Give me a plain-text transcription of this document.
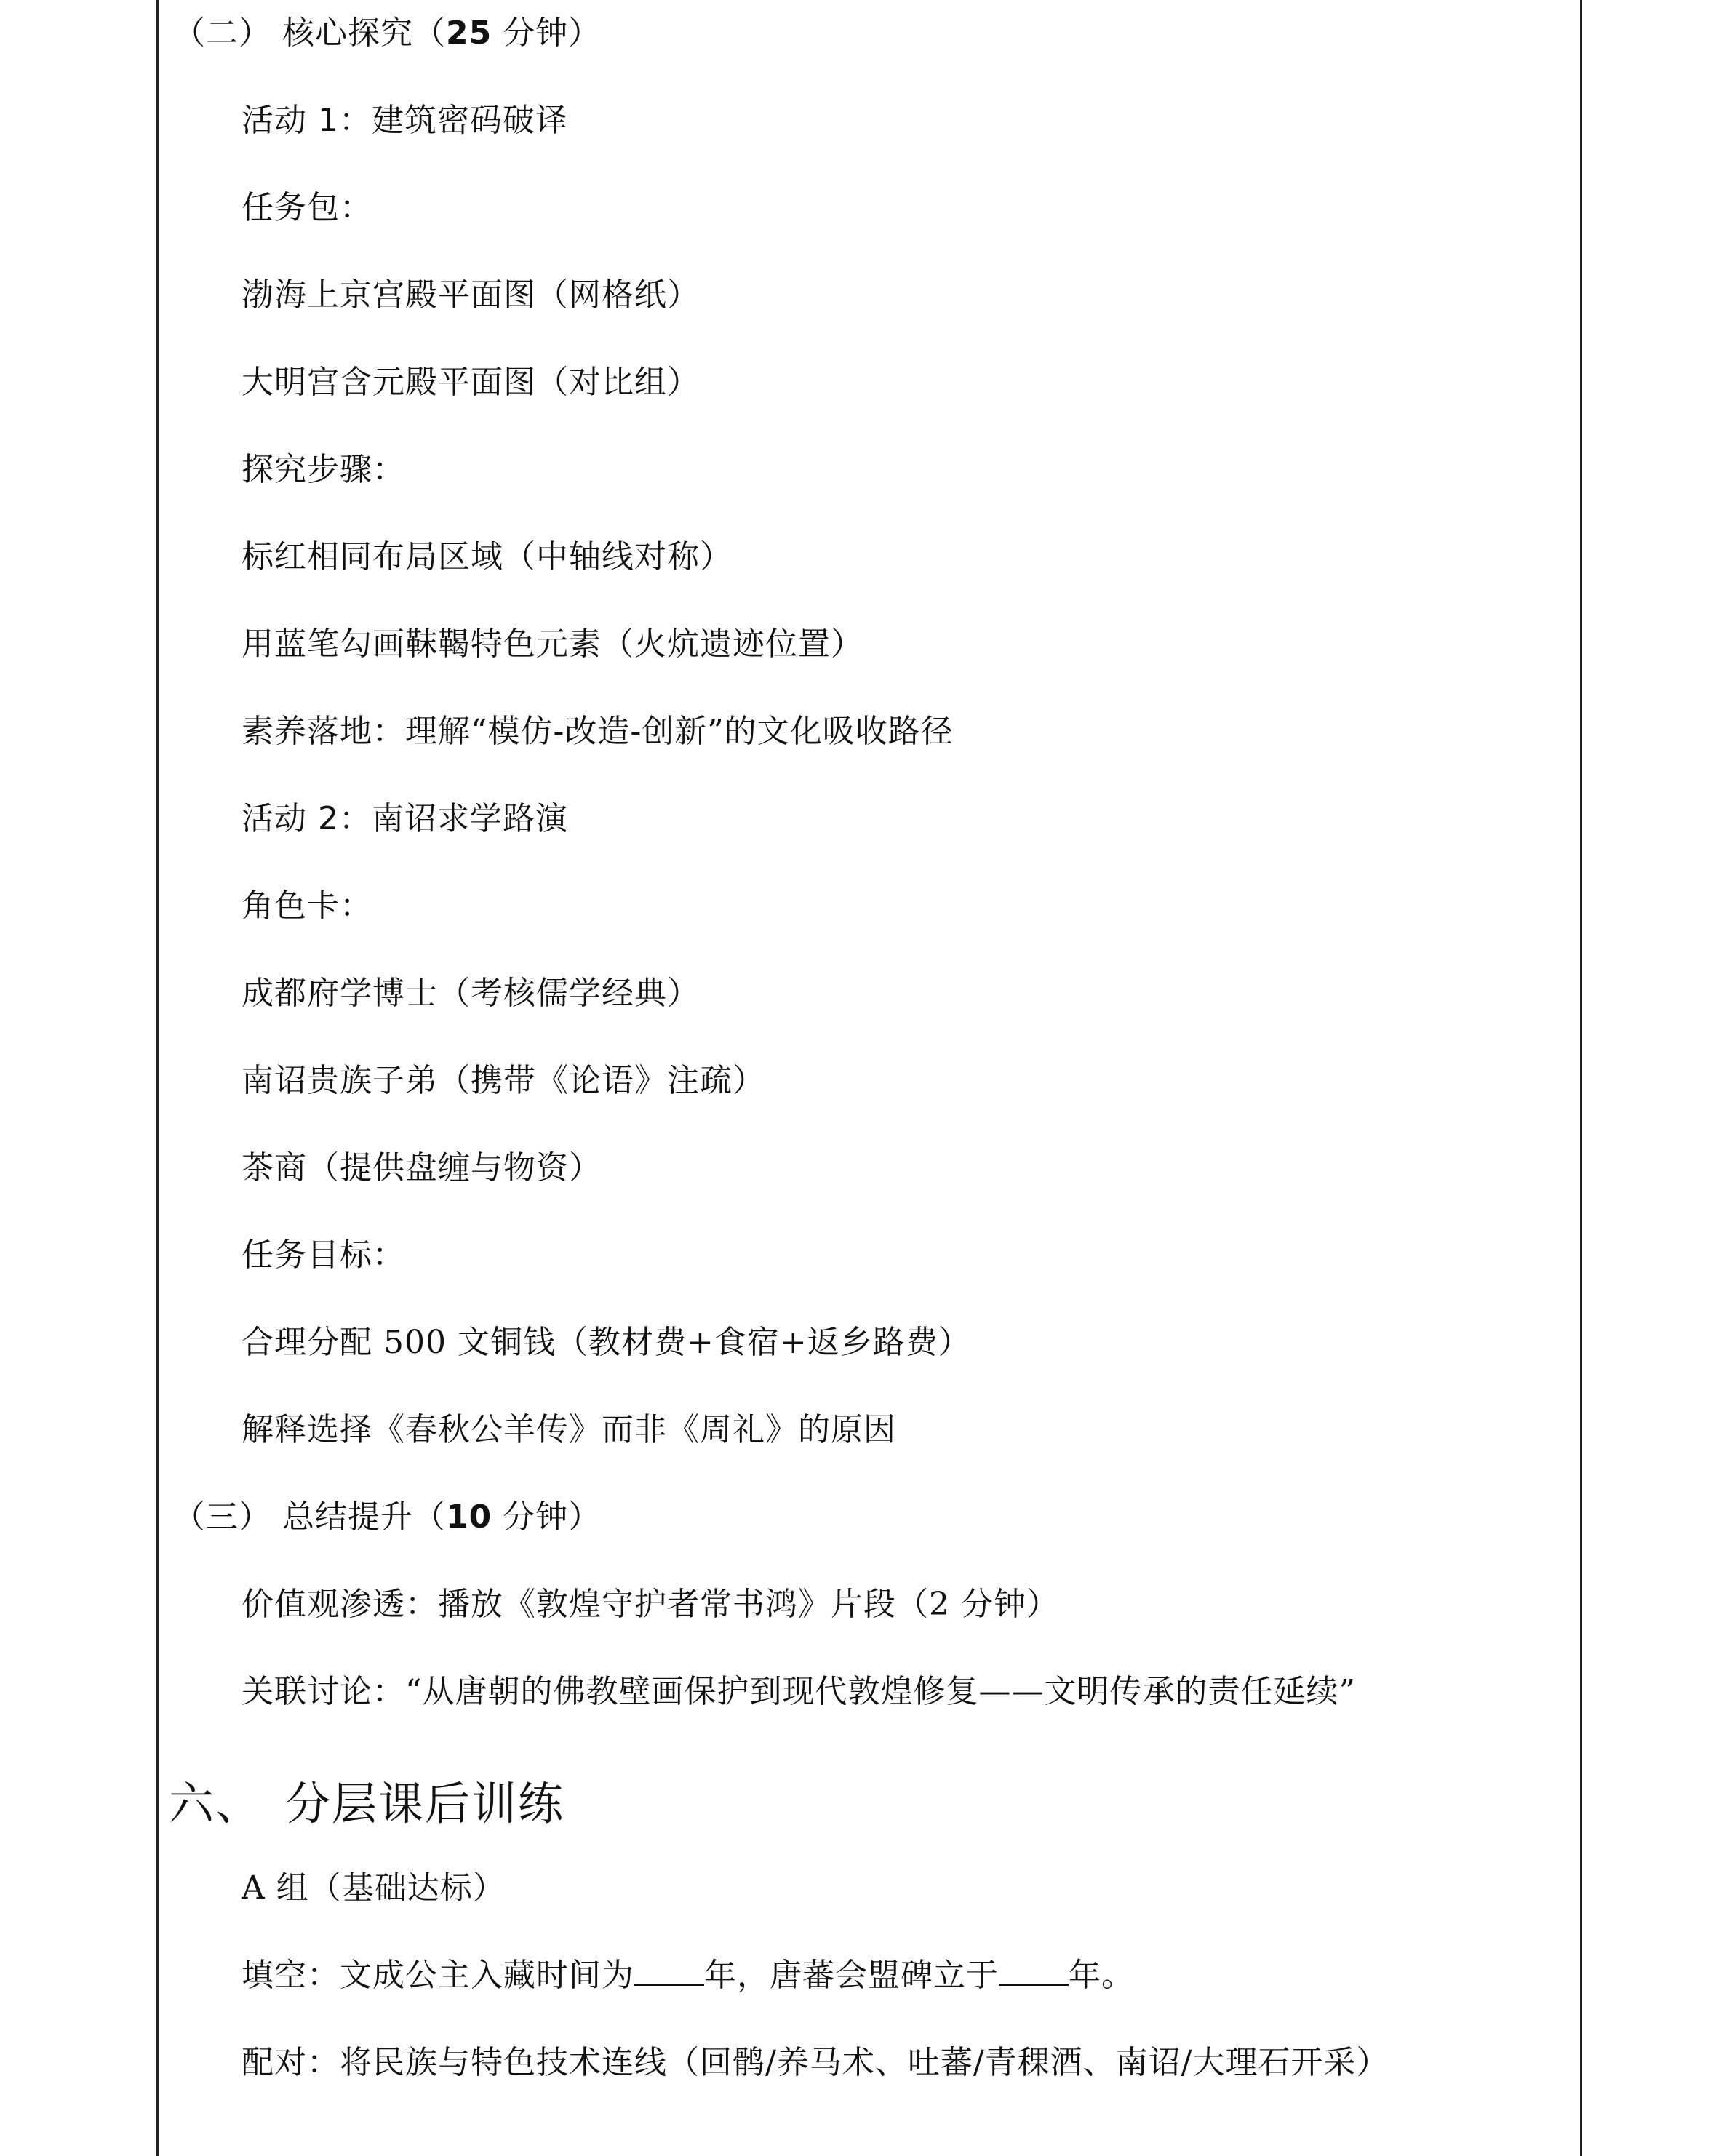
（二） 核心探究（25 分钟）
活动 1：建筑密码破译
任务包：
渤海上京宫殿平面图（网格纸）
大明宫含元殿平面图（对比组）
探究步骤：
标红相同布局区域（中轴线对称）
用蓝笔勾画靺鞨特色元素（火炕遗迹位置）
素养落地：理解“模仿-改造-创新”的文化吸收路径
活动 2：南诏求学路演
角色卡：
成都府学博士（考核儒学经典）
南诏贵族子弟（携带《论语》注疏）
茶商（提供盘缠与物资）
任务目标：
合理分配 500 文铜钱（教材费+食宿+返乡路费）
解释选择《春秋公羊传》而非《周礼》的原因
（三） 总结提升（10 分钟）
价值观渗透：播放《敦煌守护者常书鸿》片段（2 分钟）
关联讨论：“从唐朝的佛教壁画保护到现代敦煌修复——文明传承的责任延续”
六、 分层课后训练
A 组（基础达标）
填空：文成公主入藏时间为 年，唐蕃会盟碑立于 年。
配对：将民族与特色技术连线（回鹘/养马术、吐蕃/青稞酒、南诏/大理石开采）
